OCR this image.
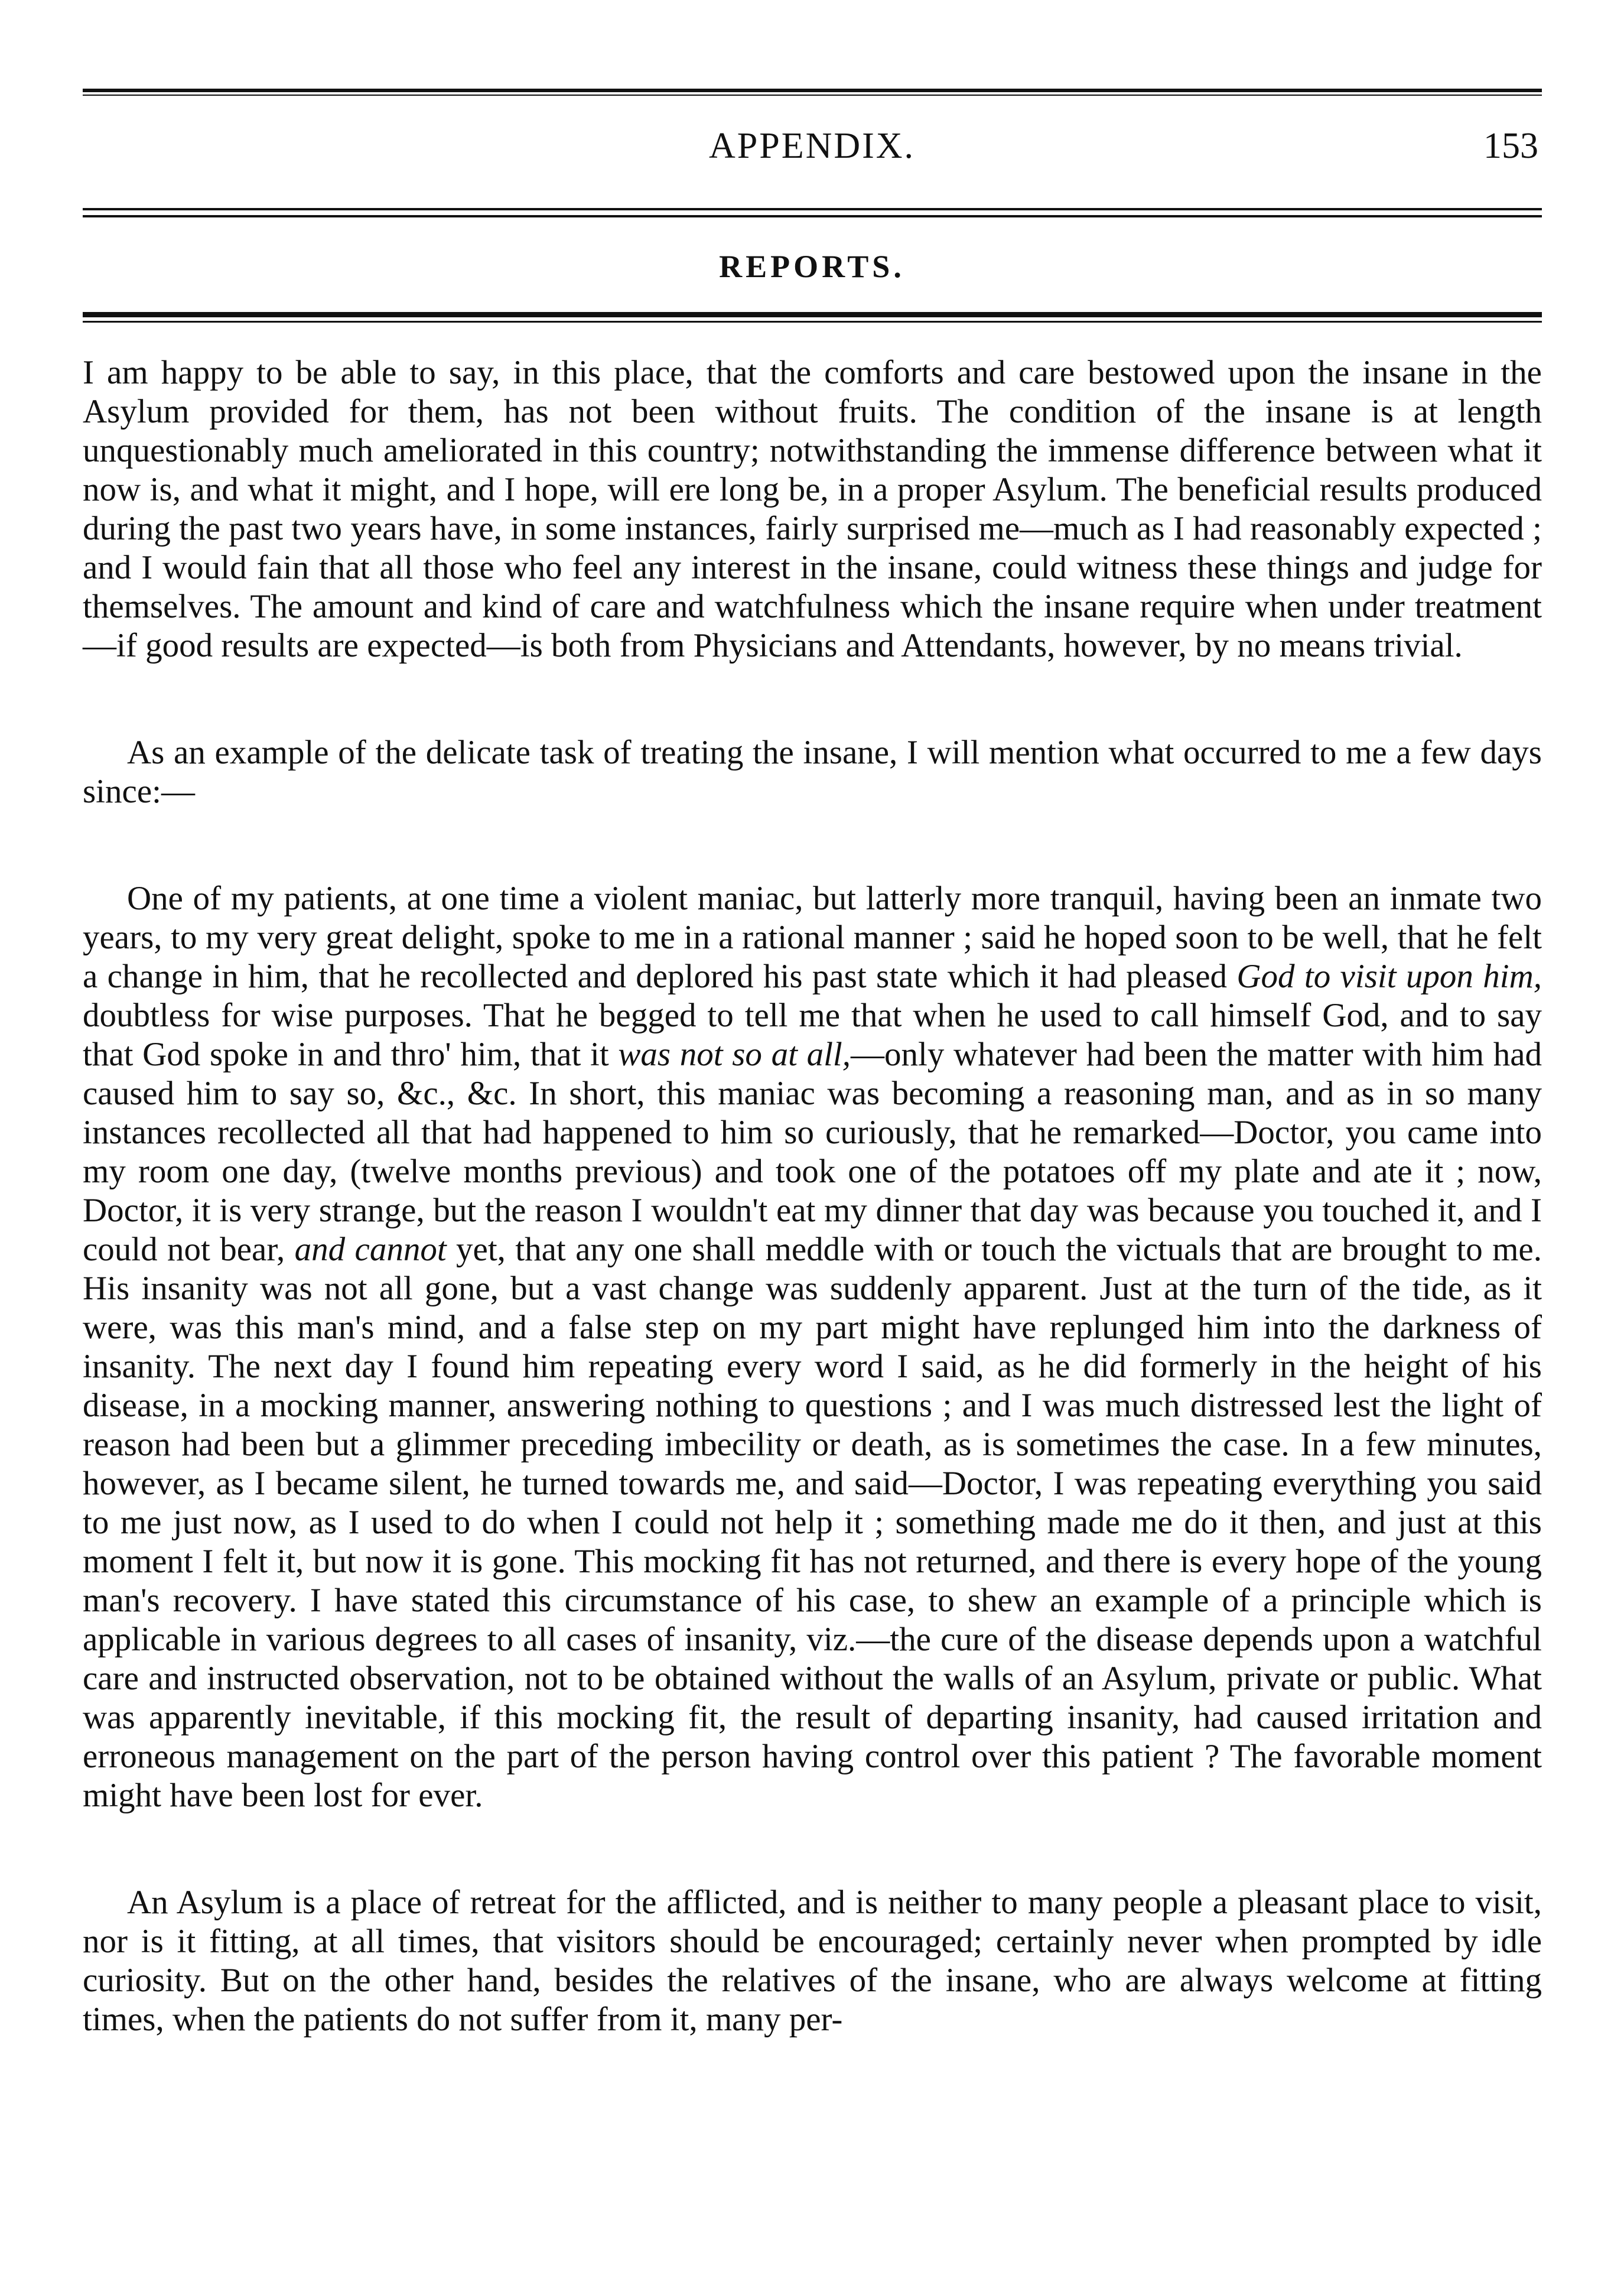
APPENDIX.	153
REPORTS.

I am happy to be able to say, in this place, that the comforts and care bestowed upon the insane in the Asylum provided for them, has not been without fruits. The condition of the insane is at length unquestionably much ameliorated in this country; notwithstanding the immense difference between what it now is, and what it might, and I hope, will ere long be, in a proper Asylum. The beneficial results produced during the past two years have, in some instances, fairly surprised me—much as I had reasonably expected ; and I would fain that all those who feel any interest in the insane, could witness these things and judge for themselves. The amount and kind of care and watchfulness which the insane require when under treatment—if good results are expected—is both from Physicians and Attendants, however, by no means trivial.

As an example of the delicate task of treating the insane, I will mention what occurred to me a few days since:—

One of my patients, at one time a violent maniac, but latterly more tranquil, having been an inmate two years, to my very great delight, spoke to me in a rational manner ; said he hoped soon to be well, that he felt a change in him, that he recollected and deplored his past state which it had pleased God to visit upon him, doubtless for wise purposes. That he begged to tell me that when he used to call himself God, and to say that God spoke in and thro' him, that it was not so at all,—only whatever had been the matter with him had caused him to say so, &c., &c. In short, this maniac was becoming a reasoning man, and as in so many instances recollected all that had happened to him so curiously, that he remarked—Doctor, you came into my room one day, (twelve months previous) and took one of the potatoes off my plate and ate it ; now, Doctor, it is very strange, but the reason I wouldn't eat my dinner that day was because you touched it, and I could not bear, and cannot yet, that any one shall meddle with or touch the victuals that are brought to me. His insanity was not all gone, but a vast change was suddenly apparent. Just at the turn of the tide, as it were, was this man's mind, and a false step on my part might have replunged him into the darkness of insanity. The next day I found him repeating every word I said, as he did formerly in the height of his disease, in a mocking manner, answering nothing to questions ; and I was much distressed lest the light of reason had been but a glimmer preceding imbecility or death, as is sometimes the case. In a few minutes, however, as I became silent, he turned towards me, and said—Doctor, I was repeating everything you said to me just now, as I used to do when I could not help it ; something made me do it then, and just at this moment I felt it, but now it is gone. This mocking fit has not returned, and there is every hope of the young man's recovery. I have stated this circumstance of his case, to shew an example of a principle which is applicable in various degrees to all cases of insanity, viz.—the cure of the disease depends upon a watchful care and instructed observation, not to be obtained without the walls of an Asylum, private or public. What was apparently inevitable, if this mocking fit, the result of departing insanity, had caused irritation and erroneous management on the part of the person having control over this patient ? The favorable moment might have been lost for ever.

An Asylum is a place of retreat for the afflicted, and is neither to many people a pleasant place to visit, nor is it fitting, at all times, that visitors should be encouraged; certainly never when prompted by idle curiosity. But on the other hand, besides the relatives of the insane, who are always welcome at fitting times, when the patients do not suffer from it, many per-
